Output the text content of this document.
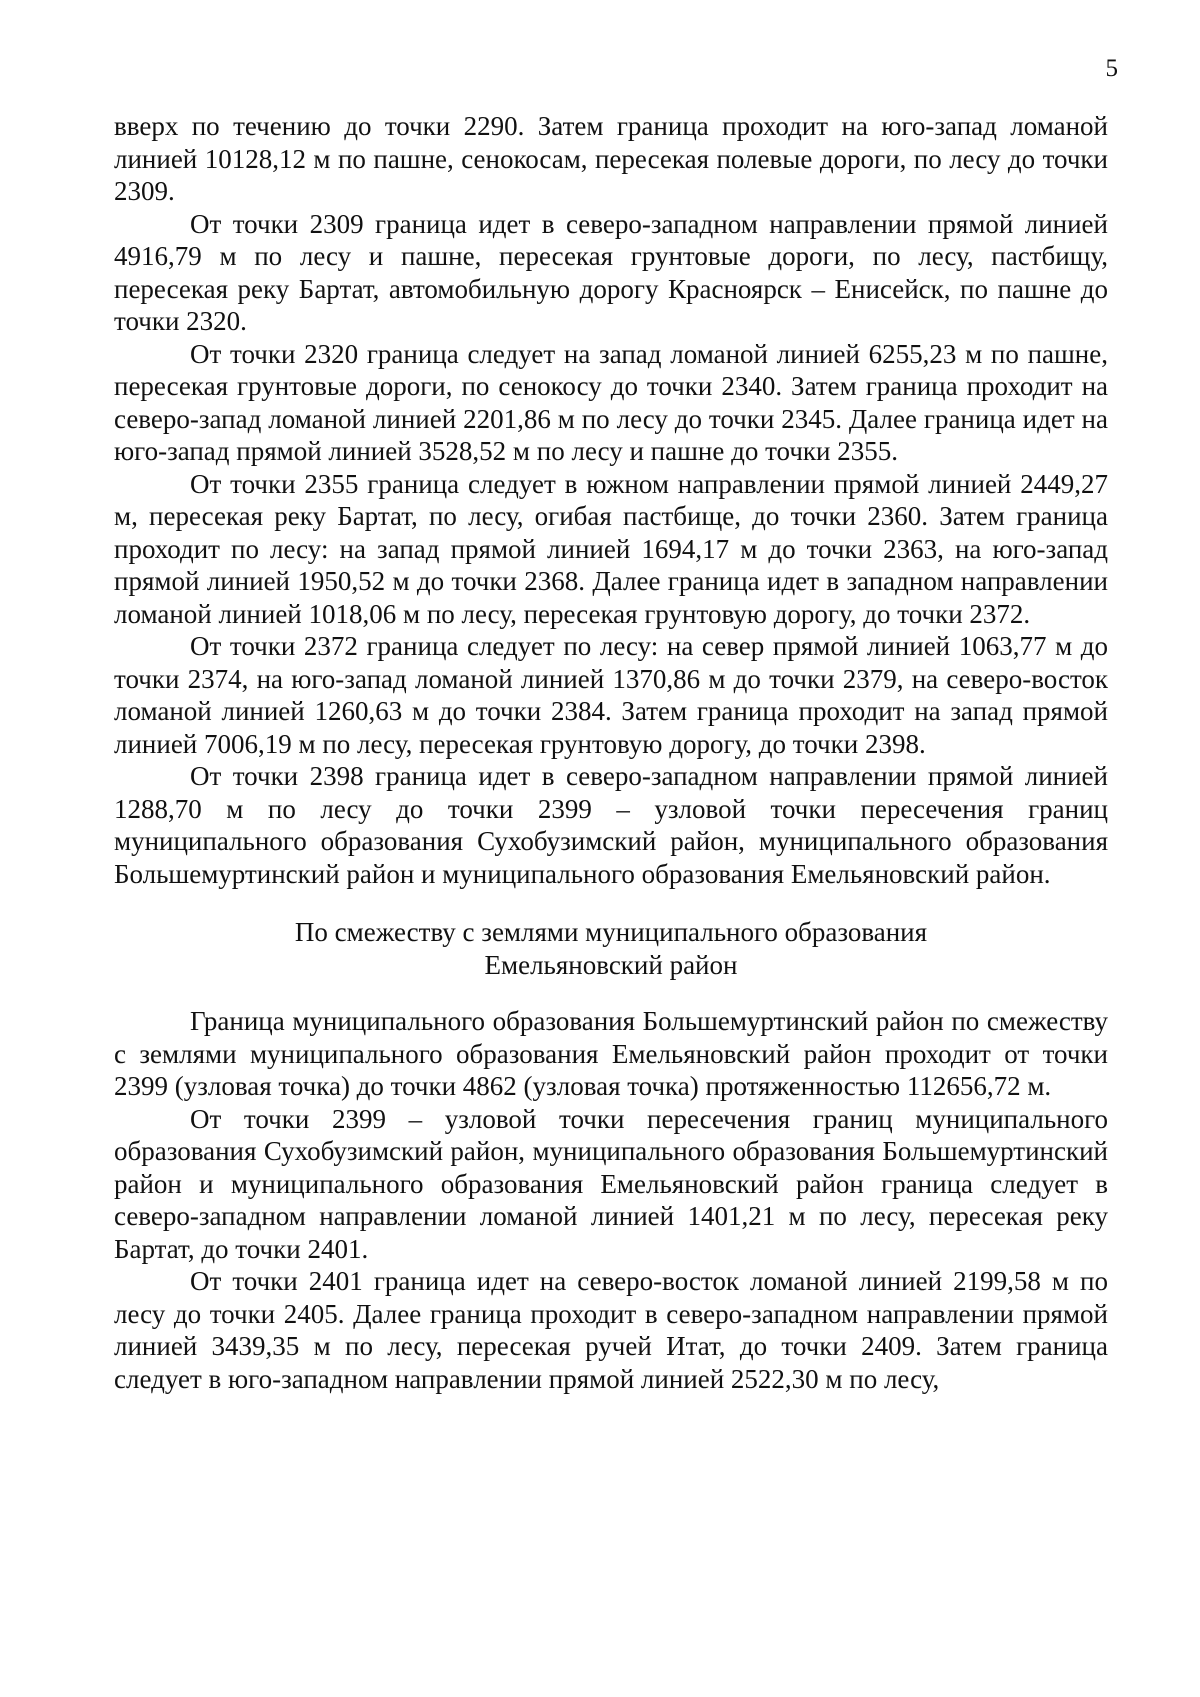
5

вверх по течению до точки 2290. Затем граница проходит на юго-запад ломаной линией 10128,12 м по пашне, сенокосам, пересекая полевые дороги, по лесу до точки 2309.

От точки 2309 граница идет в северо-западном направлении прямой линией 4916,79 м по лесу и пашне, пересекая грунтовые дороги, по лесу, пастбищу, пересекая реку Бартат, автомобильную дорогу Красноярск – Енисейск, по пашне до точки 2320.

От точки 2320 граница следует на запад ломаной линией 6255,23 м по пашне, пересекая грунтовые дороги, по сенокосу до точки 2340. Затем граница проходит на северо-запад ломаной линией 2201,86 м по лесу до точки 2345. Далее граница идет на юго-запад прямой линией 3528,52 м по лесу и пашне до точки 2355.

От точки 2355 граница следует в южном направлении прямой линией 2449,27 м, пересекая реку Бартат, по лесу, огибая пастбище, до точки 2360. Затем граница проходит по лесу: на запад прямой линией 1694,17 м до точки 2363, на юго-запад прямой линией 1950,52 м до точки 2368. Далее граница идет в западном направлении ломаной линией 1018,06 м по лесу, пересекая грунтовую дорогу, до точки 2372.

От точки 2372 граница следует по лесу: на север прямой линией 1063,77 м до точки 2374, на юго-запад ломаной линией 1370,86 м до точки 2379, на северо-восток ломаной линией 1260,63 м до точки 2384. Затем граница проходит на запад прямой линией 7006,19 м по лесу, пересекая грунтовую дорогу, до точки 2398.

От точки 2398 граница идет в северо-западном направлении прямой линией 1288,70 м по лесу до точки 2399 – узловой точки пересечения границ муниципального образования Сухобузимский район, муниципального образования Большемуртинский район и муниципального образования Емельяновский район.

По смежеству с землями муниципального образования
Емельяновский район

Граница муниципального образования Большемуртинский район по смежеству с землями муниципального образования Емельяновский район проходит от точки 2399 (узловая точка) до точки 4862 (узловая точка) протяженностью 112656,72 м.

От точки 2399 – узловой точки пересечения границ муниципального образования Сухобузимский район, муниципального образования Большемуртинский район и муниципального образования Емельяновский район граница следует в северо-западном направлении ломаной линией 1401,21 м по лесу, пересекая реку Бартат, до точки 2401.

От точки 2401 граница идет на северо-восток ломаной линией 2199,58 м по лесу до точки 2405. Далее граница проходит в северо-западном направлении прямой линией 3439,35 м по лесу, пересекая ручей Итат, до точки 2409. Затем граница следует в юго-западном направлении прямой линией 2522,30 м по лесу,
